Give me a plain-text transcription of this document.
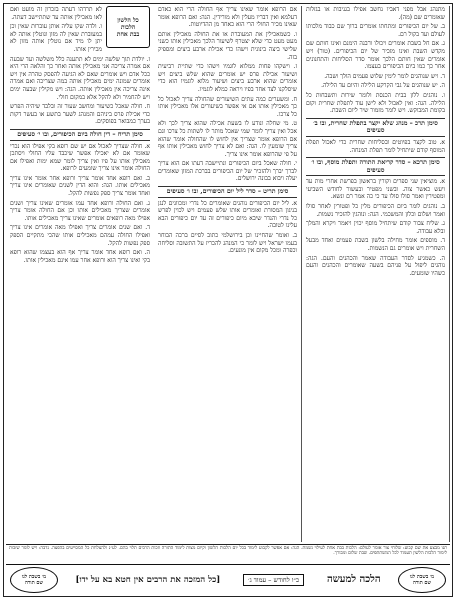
כל הלשון
הלכות
בבת אחת

לא תרדהו דעתה בזכרון זה מועט ואם לאו מאכילין אותה עד שתתיישב דעתה.

ו. ולדה שקו עליה אותן עוברות שאין וכן במעוברת שאין לה מזון ונוטלין אותה לא יתן לו מיד אם נוטלין אותה מזון לא מכירין אותו.

ז. יולדת תוך שלשה ימים לא תתענה כלל משלשה ועד שבעה אם אמרה צריכה אני מאכילין אותה ואחר כך והלאה הרי היא ככל אדם ויש אומרים שאם לא הגיעה להפסק טהרה אין ויש אומרים שמונה ימים מאכילין אותה במה שצריכה ואם אמרה אינה צריכה אין מאכילין אותה. הגה: ויש מקילין שבעה ימים ויש להחמיר ולא להקל אלא במקום חולי.

ח. חולה שאכל כשיעור ומחשב שעור זה ובלבד שיהיה הפרש כדי אכילת פרס ביניהם והמנהג לשער בתשע או בעשר דקות בערך כמבואר בפוסקים.

סימן תריח – דין חולה ביום הכיפורים, ובו י׳ סעיפים

א. חולה שצריך לאכול אם יש שם רופא בקי אפילו הוא נכרי שאומר אם לא יאכילו אפשר שיכבד עליו החולי ויסתכן מאכילין אותו על פיו ואין צריך לומר שמא ימות ואפילו אם החולה אומר אינו צריך שומעים לרופא.

ב. ואם רופא אחד אומר צריך ורופא אחר אומר אינו צריך מאכילים אותו. הגה: והוא הדין לשנים שאומרים אינו צריך ואחד אומר צריך ספק נפשות להקל.

ג. ואם החולה ורופא אחד עמו אומרים שאינו צריך ושנים אומרים שצריך מאכילים אותו וכן אם החולה אומר צריך אפילו מאה רופאים אומרים שאינו צריך מאכילים אותו.

ד. ואם שנים אומרים צריך ואפילו מאה אומרים אינו צריך ואפילו החולה עמהם מאכילים אותו שהכי מתקיים הספק ספק נפשות להקל.

ה. ואם רופא אחד אומר צריך אף הוא בעצמו שהוא רופא בקי ואינו צריך הוא ורופא אחר עמו אינם מאכילין אותו.

אם הרופא אומר שאינו צריך אף החולה הרי הוא כאדם דעלמא ואין דבריו מעלין ולא מורידין. הגה: ואם הרופא אומר שאינו מכיר החולי הרי הוא כאחד מן ההדיוטות.

ו. כשמאכילין את המעוברת או את החולה מאכילין אותם מעט מעט כדי שלא יצטרף לשיעור הלכך מאכילין אותו כשני שלישי ביצה בינונית וישהו כדי אכילת ארבע ביצים ומספיק בזה.

ז. וישקהו פחות ממלוא לוגמיו וישהו כדי שתיית רביעית ושיעור אכילת פרס יש אומרים שהוא שלש ביצים ויש אומרים שהוא ארבע ביצים ושיעור מלוא לוגמיו הוא כדי שיסלקנו לצד אחד בפיו ויראה כמלא לוגמיו.

ח. ומשערים כמה עתים השיעורים שהחולה צריך לאכול כל כך מאכילין אותו אם אי אפשר בשיעורים אלו מאכילין אותו כל צרכו.

ט. מי שחלה ונודע לו בשעת אכילה שהוא צריך לכך ולא אכל ואין צריך לומר שמי שאכל מותר לו לשתות כל צרכו וגם אם הרופא אומר שצריך אין לחוש לו שהחולה אומר שהוא צריך שומעין לו. הגה: ואם לא צריך לחוש מאכילין אותו אף על פי שהרופא אומר אינו צריך.

י. חולה שאכל ביום הכיפורים ונתיישבה דעתו אם הוא צריך לברך יברך ולהזכיר של יום הכיפורים בברכת המזון שאומרים יעלה ויבוא בבונה ירושלים.

סימן תריט – סדר ליל יום הכיפורים, ובו ו׳ סעיפים

א. ליל יום הכיפורים נוהגים שאומרים כל נדרי ומכוונים לנגן בניגון המסורת ואומרים אותו שלש פעמים ויש לכוין לפרש כל נדרי והנדר שיבא מיום כיפורים זה עד יום כיפורים הבא עלינו לטובה.

ב. ואומר שהחיינו וכן בירושלמי כתוב לסיים ברכה הבוחר בעמו ישראל ויש לומר כי המנהג להכריז על התשובה וסליחה וכפרה ומכל מקום אין מונעים.

מתנהג אבל מפני דאביו נחשב אפילו בגניבות או בגזלות שאומרים שם (מה).

ב. של יום הכיפורים ומתחתו אומרים ברוך שם כבוד מלכותו לעולם ועד בקול רם.

ג. אם חל בשבת אומרים ויכולו ורבנה הימנם ואינו חותם שם מקדש השבת ואינו מזכיר של יום הכיפורים. (טור) ויש אומרים שאין חותם הלכך אומר סדר הסליחות והתחנונים אחר כך כמו ביום הכיפורים בעצמו.

ד. ויש שנוהגים לומר לימין שלוש פעמים הולך ושבה.

ה. יש שנוהגים על גבי הקרקע הלילה והיום עד הלילה.

ו. נוהגים ללון בבית הכנסת ולומר שירות ותשבחות כל הלילה. הגה: ואין לאכול ולא לישן עוד לתפלת שחרית וקום בקומת המבוקש. ויש לומר מזמור שיר ליום השבת.

סימן תרכ – מנהג שלא יקצר בתפלת שחרית, ובו ב׳ סעיפים

א. טוב לקצר בפיוטים ובסליחות שחרית כדי לאכול תפלת המוסף קודם שיתחיל לומר תפלת המנחה.

סימן תרכא – סדר קריאת התורה ותפלת מוסף, ובו ו׳ סעיפים

א. מוציאין שני ספרים וקורין בראשון בפרשת אחרי מות עד ויעש כאשר צוה. ובשני מפטיר ובעשור לחודש השביעי ומפטירין ואמר סולו סולו עד כי כה אמר רם ונשא.

ב. נוהגים לומר ביום הכיפורים מלין כל ופטורין לאחר סולו ואמר ושלום וכלון והמשכמי. הגה: ונוהגין להזכיר נשמות.

ג. שליח צבור קודם שיתחיל מוסף יכוין ויאמר ויקרא והמלך ובלא עבודה.

ד. מוספים אומר מחילה בלשון בשבת פעמים ואחד מבעל השחרית ויש אומרים גם הנשמות.

ה. כשמגיע לסדר העבודה שאמר והכהנים והעם. הגה: נוהגים ליפול על פניהם בשעה שאומרים והכהנים והעם כשהיו שומעים.

תנו מבצע את שם קבוע: שלוחי צור אומר לעולם: הלכות בבת אחת לעילוי נשמת. הגה: אם אפשר לקבוע לימוד בכל יום הלכות הלשון וקיום מצות לימוד התורה וזכות הרבים תלוי בהם. לע״נ ולהצלחת כל המסייעים בהפצה. נדבה: ויש לומר שזכות לימוד הלכות הלשון תעמוד לכל המשתתפים. שבת שלום ומבורך.
מ׳ בשבת לנו
שם תורה
הלכה למעשה
כ״ו לחודש – עמוד ג׳
[כל המזכה את הרבים אין חטא בא על ידו]
מ׳ בשבת לנו
שם תורה
